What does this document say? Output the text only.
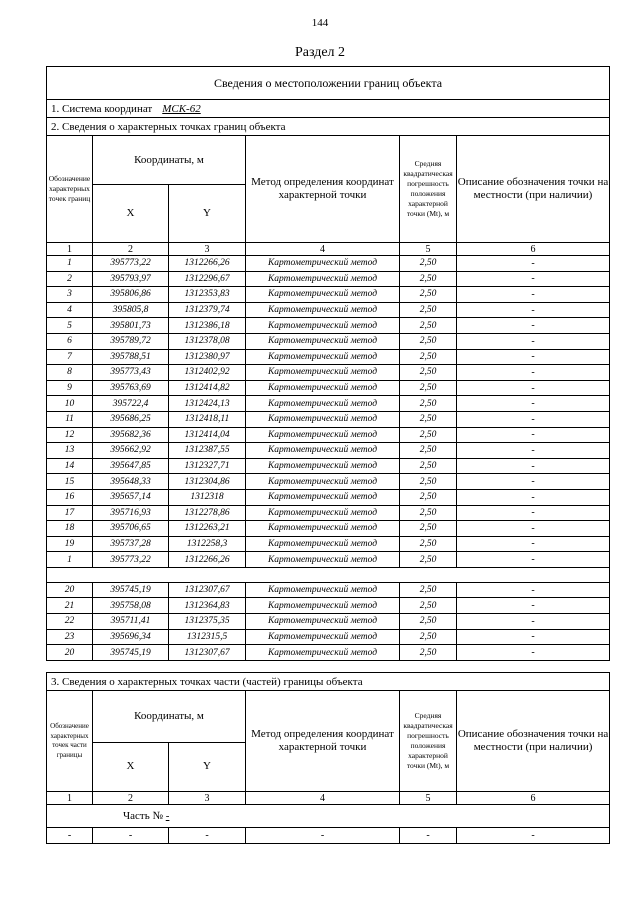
144
Раздел 2
Сведения о местоположении границ объекта					
1. Система координат МСК-62					
2. Сведения о характерных точках границ объекта					
Обозначение характерных точек границ	Координаты, м		Метод определения координат характерной точки	Средняя квадратическая погрешность положения характерной точки (Mt), м	Описание обозначения точки на местности (при наличии)
	X	Y			
1	2	3	4	5	6
1	395773,22	1312266,26	Картометрический метод	2,50	-
2	395793,97	1312296,67	Картометрический метод	2,50	-
3	395806,86	1312353,83	Картометрический метод	2,50	-
4	395805,8	1312379,74	Картометрический метод	2,50	-
5	395801,73	1312386,18	Картометрический метод	2,50	-
6	395789,72	1312378,08	Картометрический метод	2,50	-
7	395788,51	1312380,97	Картометрический метод	2,50	-
8	395773,43	1312402,92	Картометрический метод	2,50	-
9	395763,69	1312414,82	Картометрический метод	2,50	-
10	395722,4	1312424,13	Картометрический метод	2,50	-
11	395686,25	1312418,11	Картометрический метод	2,50	-
12	395682,36	1312414,04	Картометрический метод	2,50	-
13	395662,92	1312387,55	Картометрический метод	2,50	-
14	395647,85	1312327,71	Картометрический метод	2,50	-
15	395648,33	1312304,86	Картометрический метод	2,50	-
16	395657,14	1312318	Картометрический метод	2,50	-
17	395716,93	1312278,86	Картометрический метод	2,50	-
18	395706,65	1312263,21	Картометрический метод	2,50	-
19	395737,28	1312258,3	Картометрический метод	2,50	-
1	395773,22	1312266,26	Картометрический метод	2,50	-

20	395745,19	1312307,67	Картометрический метод	2,50	-
21	395758,08	1312364,83	Картометрический метод	2,50	-
22	395711,41	1312375,35	Картометрический метод	2,50	-
23	395696,34	1312315,5	Картометрический метод	2,50	-
20	395745,19	1312307,67	Картометрический метод	2,50	-
3. Сведения о характерных точках части (частей) границы объекта					
Обозначение характерных точек части границы	Координаты, м		Метод определения координат характерной точки	Средняя квадратическая погрешность положения характерной точки (Mt), м	Описание обозначения точки на местности (при наличии)
	X	Y			
1	2	3	4	5	6
Часть № -					
-	-	-	-	-	-
